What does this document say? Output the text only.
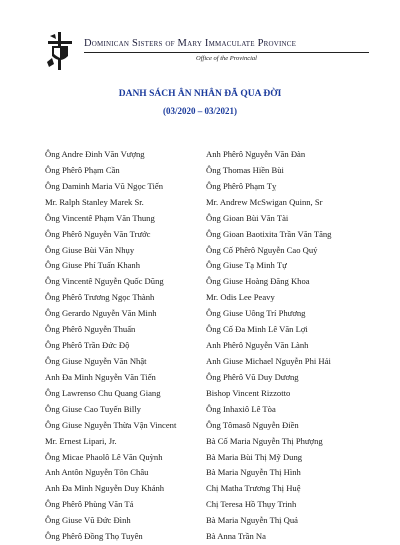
Dominican Sisters of Mary Immaculate Province
Office of the Provincial
DANH SÁCH ÂN NHÂN ĐÃ QUA ĐỜI
(03/2020 – 03/2021)
Ông Andre Đinh Văn Vượng
Ông Phêrô Phạm Cần
Ông Daminh Maria Vũ Ngọc Tiến
Mr. Ralph Stanley Marek Sr.
Ông Vincentê Phạm Văn Thung
Ông Phêrô Nguyễn Văn Trước
Ông Giuse Bùi Văn Nhụy
Ông Giuse Phí Tuấn Khanh
Ông Vincentê Nguyễn Quốc Dũng
Ông Phêrô Trương Ngọc Thành
Ông Gerardo Nguyễn Văn Minh
Ông Phêrô Nguyễn Thuấn
Ông Phêrô Trần Đức Độ
Ông Giuse Nguyễn Văn Nhật
Anh Đa Minh Nguyễn Văn Tiến
Ông Lawrenso Chu Quang Giang
Ông Giuse Cao Tuyến Billy
Ông Giuse Nguyễn Thừa Vận Vincent
Mr. Ernest Lipari, Jr.
Ông Micae Phaolô Lê Văn Quỳnh
Anh Antôn Nguyễn Tôn Châu
Anh Đa Minh Nguyễn Duy Khánh
Ông Phêrô Phùng Văn Tá
Ông Giuse Vũ Đức Đình
Ông Phêrô Đồng Thọ Tuyên
Anh Phêrô Nguyễn Văn Đàn
Ông Thomas Hiền Bùi
Ông Phêrô Phạm Tỵ
Mr. Andrew McSwigan Quinn, Sr
Ông Gioan Bùi Văn Tài
Ông Gioan Baotixita Trần Văn Tăng
Ông Cố Phêrô Nguyễn Cao Quý
Ông Giuse Tạ Minh Tự
Ông Giuse Hoàng Đăng Khoa
Mr. Odis Lee Peavy
Ông Giuse Uông Trí Phương
Ông Cố Đa Minh Lê Văn Lợi
Anh Phêrô Nguyễn Văn Lành
Anh Giuse Michael Nguyễn Phi Hải
Ông Phêrô Vũ Duy Dương
Bishop Vincent Rizzotto
Ông Inhaxiô Lê Tòa
Ông Tômasô Nguyễn Điền
Bà Cố Maria Nguyễn Thị Phượng
Bà Maria Bùi Thị Mỹ Dung
Bà Maria Nguyễn Thị Hình
Chị Matha Trương Thị Huệ
Chị Teresa Hồ Thụy Trinh
Bà Maria Nguyễn Thị Quả
Bà Anna Trần Na
